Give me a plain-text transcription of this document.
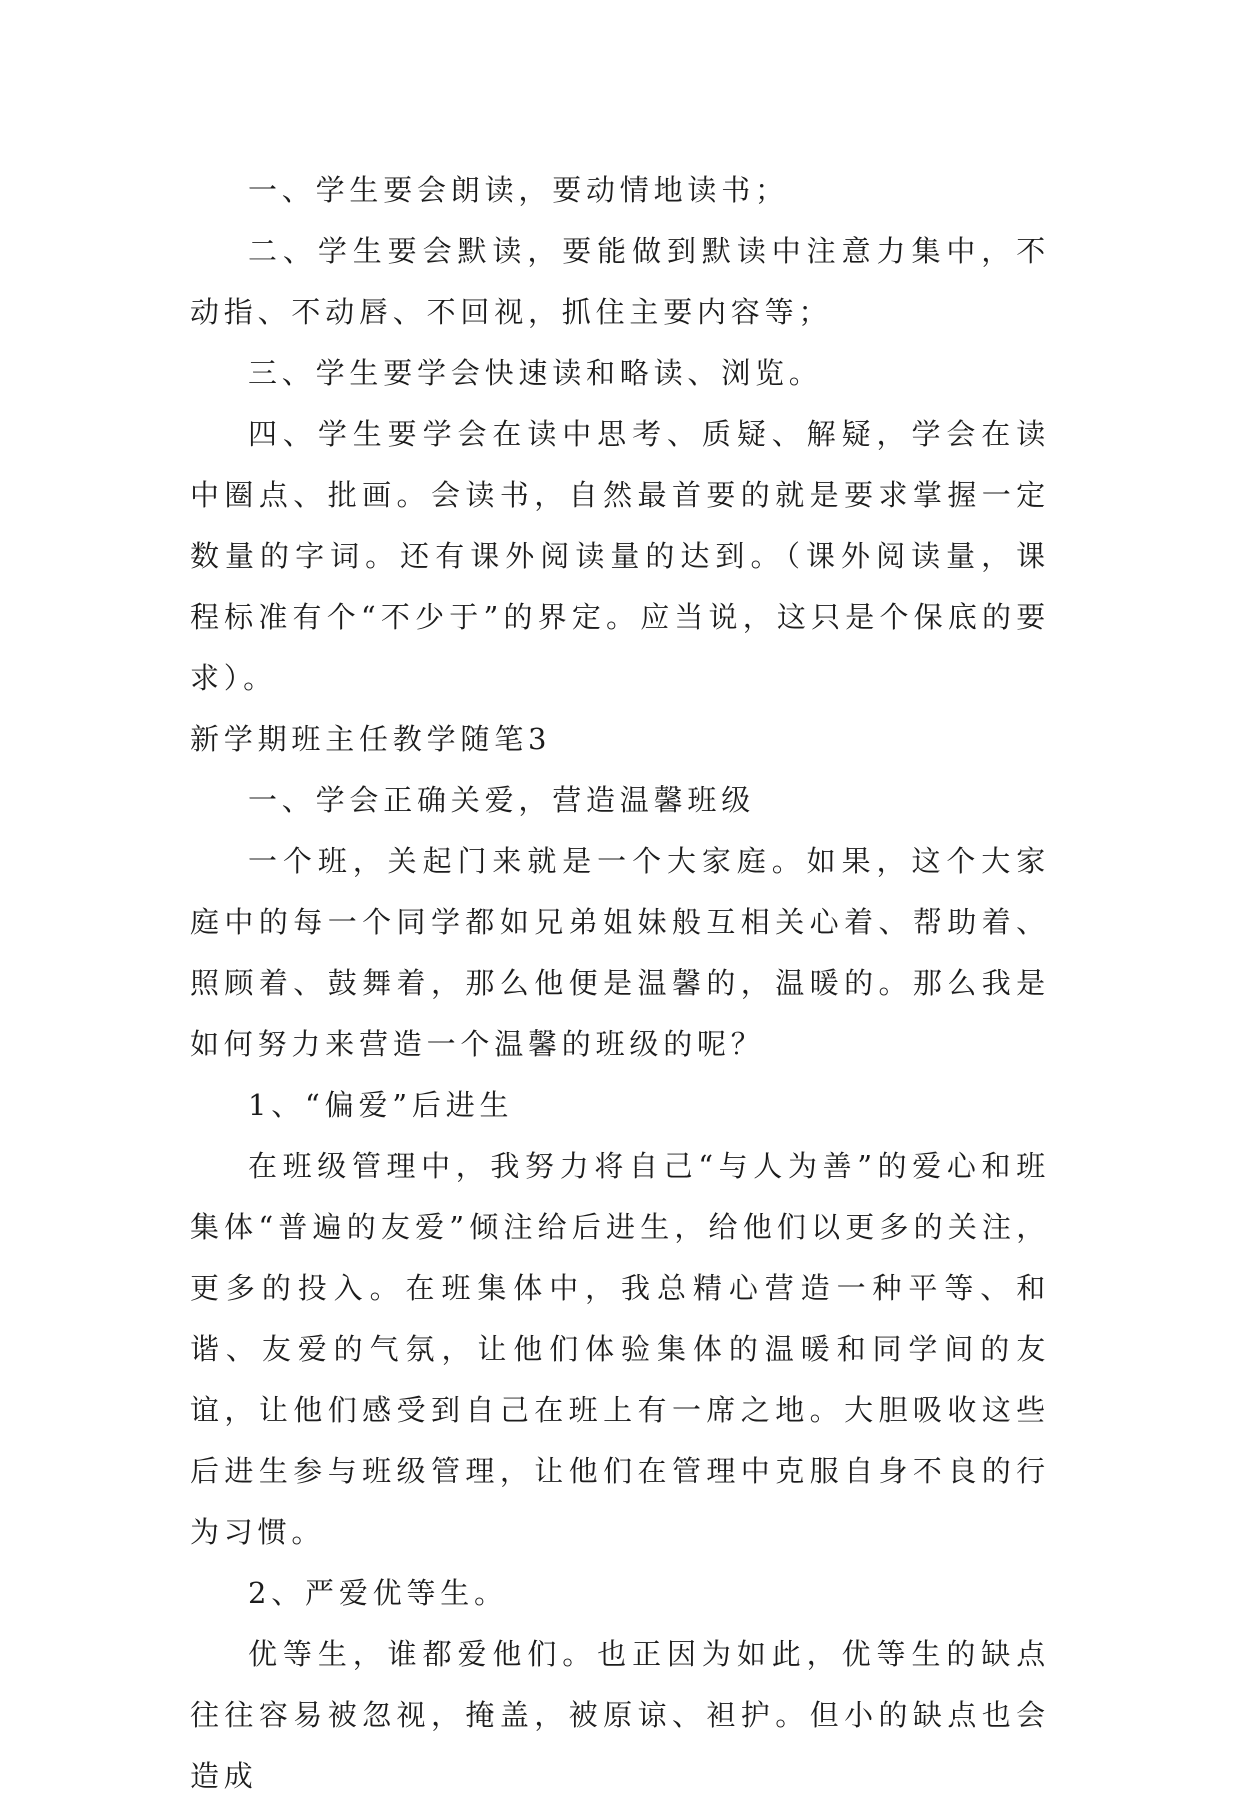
一、学生要会朗读，要动情地读书；

二、学生要会默读，要能做到默读中注意力集中，不动指、不动唇、不回视，抓住主要内容等；

三、学生要学会快速读和略读、浏览。

四、学生要学会在读中思考、质疑、解疑，学会在读中圈点、批画。会读书，自然最首要的就是要求掌握一定数量的字词。还有课外阅读量的达到。（课外阅读量，课程标准有个“不少于”的界定。应当说，这只是个保底的要求）。

新学期班主任教学随笔3

一、学会正确关爱，营造温馨班级

一个班，关起门来就是一个大家庭。如果，这个大家庭中的每一个同学都如兄弟姐妹般互相关心着、帮助着、照顾着、鼓舞着，那么他便是温馨的，温暖的。那么我是如何努力来营造一个温馨的班级的呢？

1、“偏爱”后进生

在班级管理中，我努力将自己“与人为善”的爱心和班集体“普遍的友爱”倾注给后进生，给他们以更多的关注，更多的投入。在班集体中，我总精心营造一种平等、和谐、友爱的气氛，让他们体验集体的温暖和同学间的友谊，让他们感受到自己在班上有一席之地。大胆吸收这些后进生参与班级管理，让他们在管理中克服自身不良的行为习惯。

2、严爱优等生。

优等生，谁都爱他们。也正因为如此，优等生的缺点往往容易被忽视，掩盖，被原谅、袒护。但小的缺点也会造成
